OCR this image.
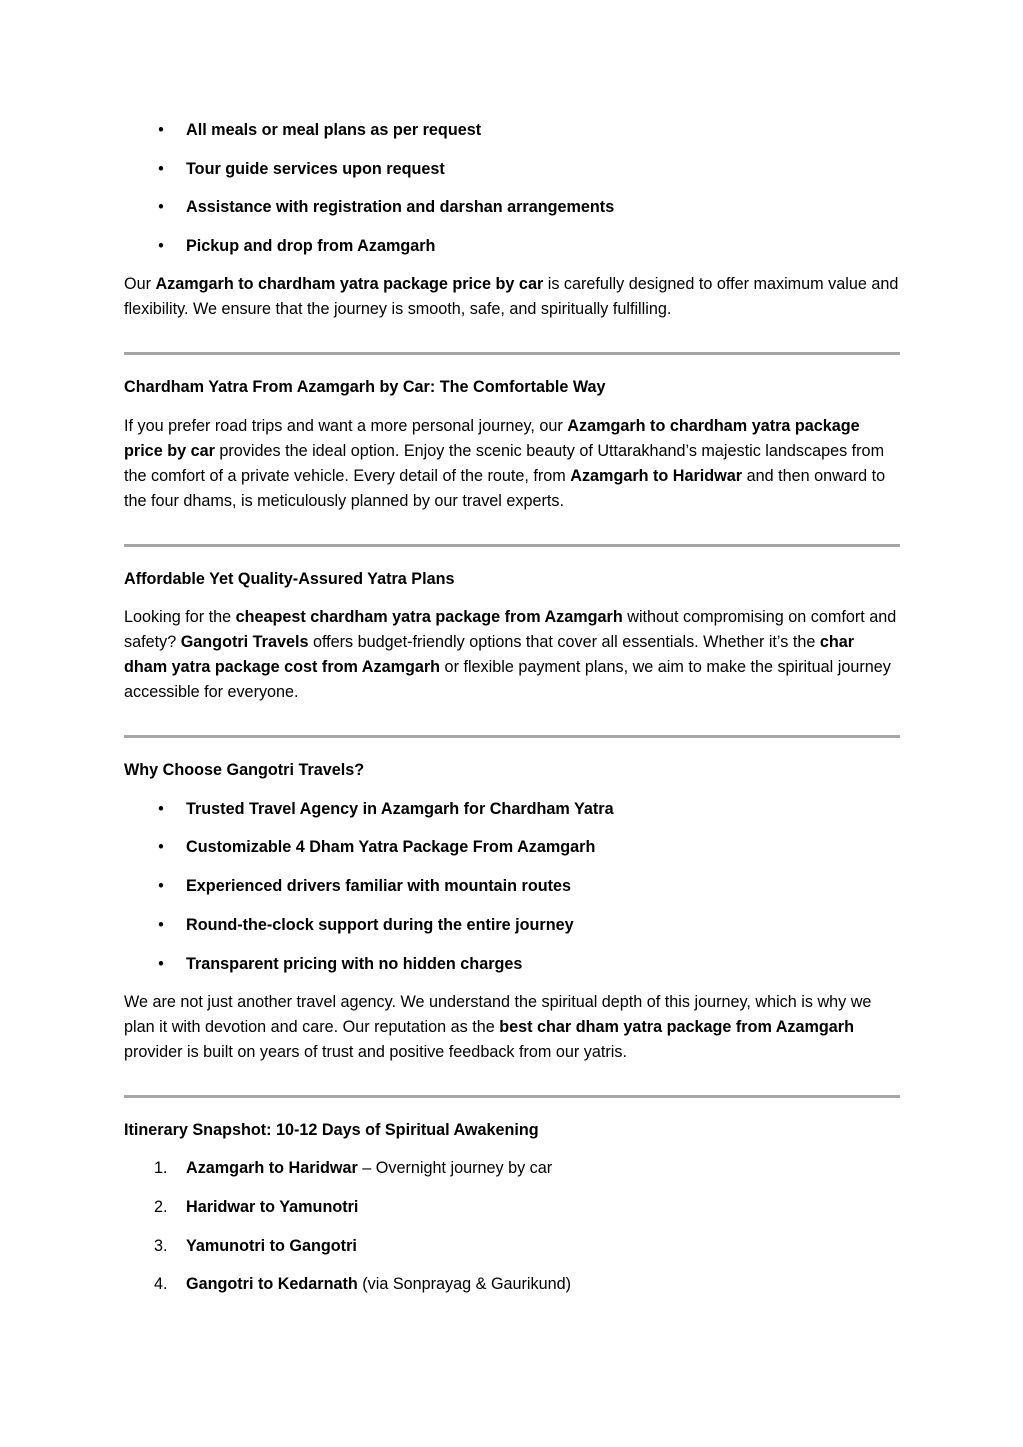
• All meals or meal plans as per request
• Tour guide services upon request
• Assistance with registration and darshan arrangements
• Pickup and drop from Azamgarh

Our Azamgarh to chardham yatra package price by car is carefully designed to offer maximum value and flexibility. We ensure that the journey is smooth, safe, and spiritually fulfilling.

Chardham Yatra From Azamgarh by Car: The Comfortable Way

If you prefer road trips and want a more personal journey, our Azamgarh to chardham yatra package price by car provides the ideal option. Enjoy the scenic beauty of Uttarakhand’s majestic landscapes from the comfort of a private vehicle. Every detail of the route, from Azamgarh to Haridwar and then onward to the four dhams, is meticulously planned by our travel experts.

Affordable Yet Quality-Assured Yatra Plans

Looking for the cheapest chardham yatra package from Azamgarh without compromising on comfort and safety? Gangotri Travels offers budget-friendly options that cover all essentials. Whether it’s the char dham yatra package cost from Azamgarh or flexible payment plans, we aim to make the spiritual journey accessible for everyone.

Why Choose Gangotri Travels?
• Trusted Travel Agency in Azamgarh for Chardham Yatra
• Customizable 4 Dham Yatra Package From Azamgarh
• Experienced drivers familiar with mountain routes
• Round-the-clock support during the entire journey
• Transparent pricing with no hidden charges

We are not just another travel agency. We understand the spiritual depth of this journey, which is why we plan it with devotion and care. Our reputation as the best char dham yatra package from Azamgarh provider is built on years of trust and positive feedback from our yatris.

Itinerary Snapshot: 10-12 Days of Spiritual Awakening
1. Azamgarh to Haridwar – Overnight journey by car
2. Haridwar to Yamunotri
3. Yamunotri to Gangotri
4. Gangotri to Kedarnath (via Sonprayag & Gaurikund)
